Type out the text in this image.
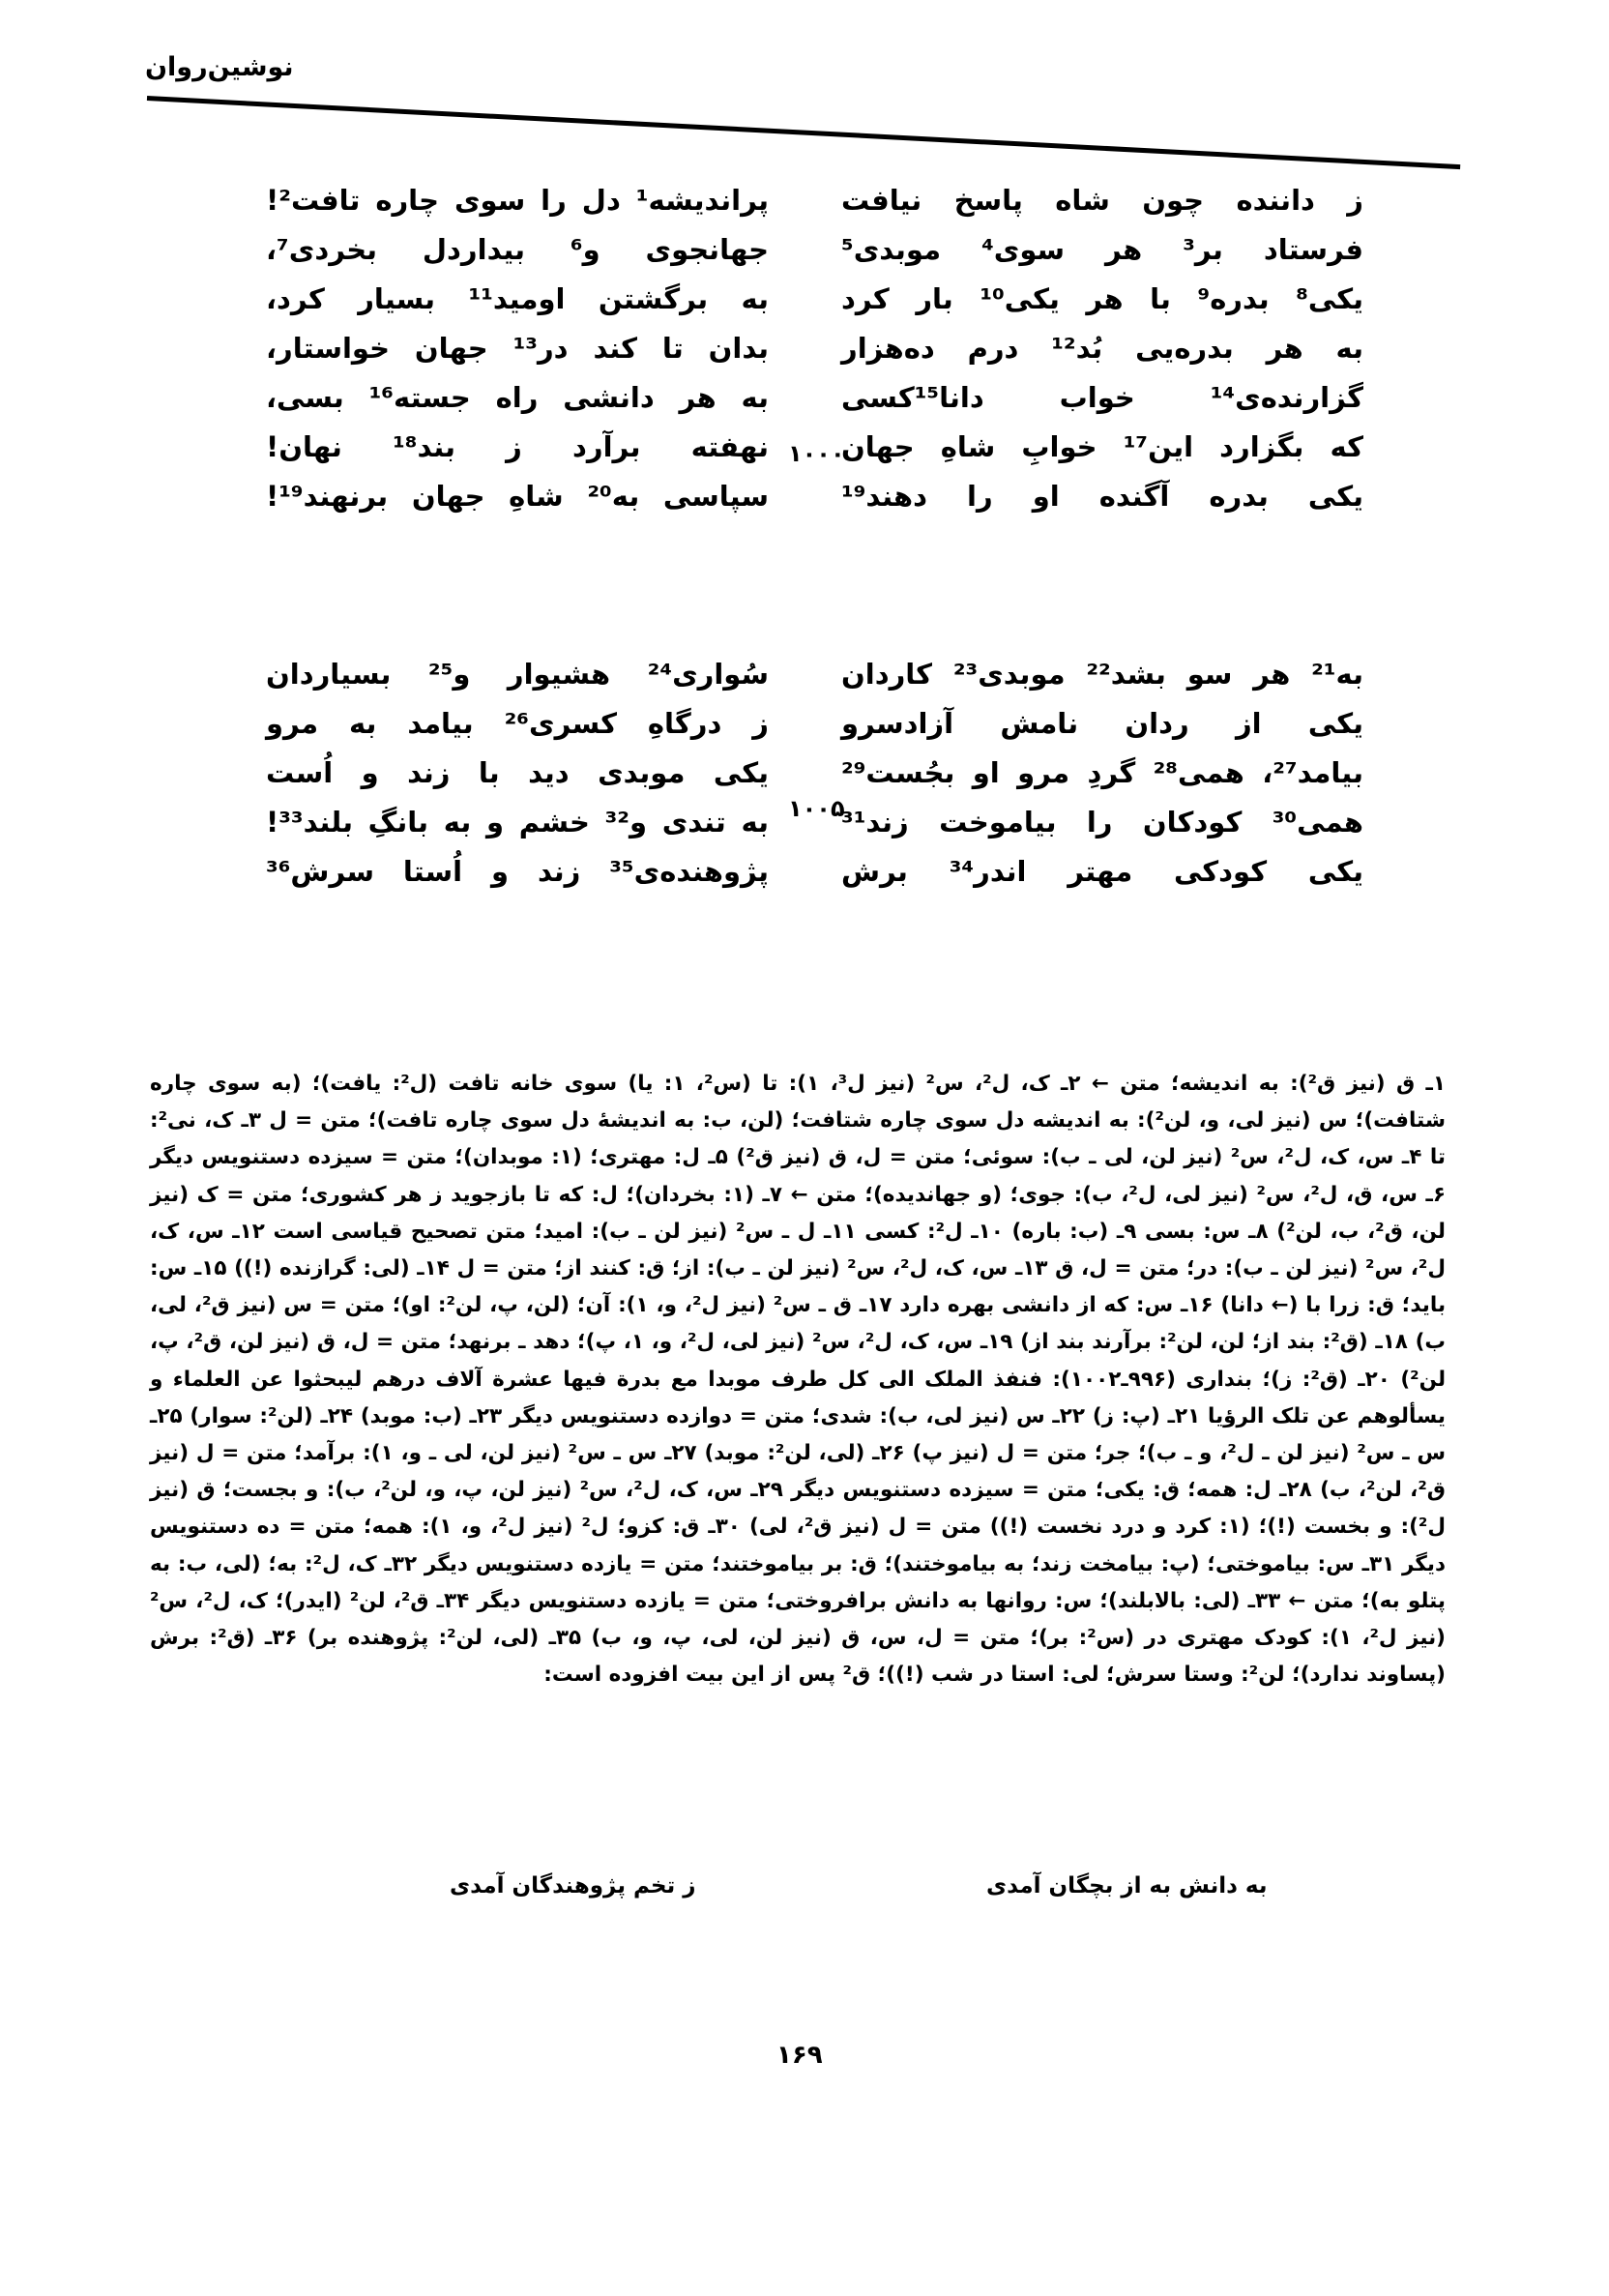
نوشین‌روان
ز داننده چون شاه پاسخ نیافت
فرستاد بر³ هر سوی⁴ موبدی⁵
یکی⁸ بدره⁹ با هر یکی¹⁰ بار کرد
به هر بدره‌یی بُد¹² درم ده‌هزار
گزارنده‌ی¹⁴ خواب دانا¹⁵کسی
که بگزارد این¹⁷ خوابِ شاهِ جهان
یکی بدره آگنده او را دهند¹⁹
پراندیشه¹ دل را سوی چاره تافت²!
جهانجوی و⁶ بیداردل بخردی⁷،
به برگشتن اومید¹¹ بسیار کرد،
بدان تا کند در¹³ جهان خواستار،
به هر دانشی راه جسته¹⁶ بسی،
نهفته برآرد ز بند¹⁸ نهان!
سپاسی به²⁰ شاهِ جهان برنهند¹⁹!
۱۰۰۰
به²¹ هر سو بشد²² موبدی²³ کاردان
یکی از ردان نامش آزادسرو
بیامد²⁷، همی²⁸ گردِ مرو او بجُست²⁹
همی³⁰ کودکان را بیاموخت زند³¹
یکی کودکی مهتر اندر³⁴ برش
سُواری²⁴ هشیوار و²⁵ بسیاردان
ز درگاهِ کسری²⁶ بیامد به مرو
یکی موبدی دید با زند و اُست
به تندی و³² خشم و به بانگِ بلند³³!
پژوهنده‌ی³⁵ زند و اُستا سرش³⁶
۱۰۰۵

۱ـ ق (نیز ق²): به اندیشه؛ متن ← ۲ـ ک، ل²، س² (نیز ل³، ۱): تا (س²، ۱: یا) سوی خانه تافت (ل²: یافت)؛ (به سوی چاره شتافت)؛ س (نیز لی، و، لن²): به اندیشه دل سوی چاره شتافت؛ (لن، ب: به اندیشهٔ دل سوی چاره تافت)؛ متن = ل ۳ـ ک، نی²: تا ۴ـ س، ک، ل²، س² (نیز لن، لی ـ ب): سوئی؛ متن = ل، ق (نیز ق²) ۵ـ ل: مهتری؛ (۱: موبدان)؛ متن = سیزده دستنویس دیگر ۶ـ س، ق، ل²، س² (نیز لی، ل²، ب): جوی؛ (و جهاندیده)؛ متن ← ۷ـ (۱: بخردان)؛ ل: که تا بازجوید ز هر کشوری؛ متن = ک (نیز لن، ق²، ب، لن²) ۸ـ س: بسی ۹ـ (ب: باره) ۱۰ـ ل²: کسی ۱۱ـ ل ـ س² (نیز لن ـ ب): امید؛ متن تصحیح قیاسی است ۱۲ـ س، ک، ل²، س² (نیز لن ـ ب): در؛ متن = ل، ق ۱۳ـ س، ک، ل²، س² (نیز لن ـ ب): از؛ ق: کنند از؛ متن = ل ۱۴ـ (لی: گرازنده (!)) ۱۵ـ س: باید؛ ق: زرا با (← دانا) ۱۶ـ س: که از دانشی بهره دارد ۱۷ـ ق ـ س² (نیز ل²، و، ۱): آن؛ (لن، پ، لن²: او)؛ متن = س (نیز ق²، لی، ب) ۱۸ـ (ق²: بند از؛ لن، لن²: برآرند بند از) ۱۹ـ س، ک، ل²، س² (نیز لی، ل²، و، ۱، پ)؛ دهد ـ برنهد؛ متن = ل، ق (نیز لن، ق²، پ، لن²) ۲۰ـ (ق²: ز)؛ بنداری (۹۹۶ـ۱۰۰۲): فنفذ الملک الی کل طرف موبدا مع بدرة فیها عشرة آلاف درهم لیبحثوا عن العلماء و یسألوهم عن تلک الرؤیا ۲۱ـ (پ: ز) ۲۲ـ س (نیز لی، ب): شدی؛ متن = دوازده دستنویس دیگر ۲۳ـ (ب: موبد) ۲۴ـ (لن²: سوار) ۲۵ـ س ـ س² (نیز لن ـ ل²، و ـ ب)؛ جر؛ متن = ل (نیز پ) ۲۶ـ (لی، لن²: موبد) ۲۷ـ س ـ س² (نیز لن، لی ـ و، ۱): برآمد؛ متن = ل (نیز ق²، لن²، ب) ۲۸ـ ل: همه؛ ق: یکی؛ متن = سیزده دستنویس دیگر ۲۹ـ س، ک، ل²، س² (نیز لن، پ، و، لن²، ب): و بجست؛ ق (نیز ل²): و بخست (!)؛ (۱: کرد و درد نخست (!)) متن = ل (نیز ق²، لی) ۳۰ـ ق: کزو؛ ل² (نیز ل²، و، ۱): همه؛ متن = ده دستنویس دیگر ۳۱ـ س: بیاموختی؛ (پ: بیامخت زند؛ به بیاموختند)؛ ق: بر بیاموختند؛ متن = یازده دستنویس دیگر ۳۲ـ ک، ل²: به؛ (لی، ب: به پتلو به)؛ متن ← ۳۳ـ (لی: بالابلند)؛ س: روانها به دانش برافروختی؛ متن = یازده دستنویس دیگر ۳۴ـ ق²، لن² (ایدر)؛ ک، ل²، س² (نیز ل²، ۱): کودک مهتری در (س²: بر)؛ متن = ل، س، ق (نیز لن، لی، پ، و، ب) ۳۵ـ (لی، لن²: پژوهنده بر) ۳۶ـ (ق²: برش (پساوند ندارد)؛ لن²: وستا سرش؛ لی: استا در شب (!))؛ ق² پس از این بیت افزوده است:

به دانش به از بچگان آمدی
ز تخم پژوهندگان آمدی
۱۶۹
